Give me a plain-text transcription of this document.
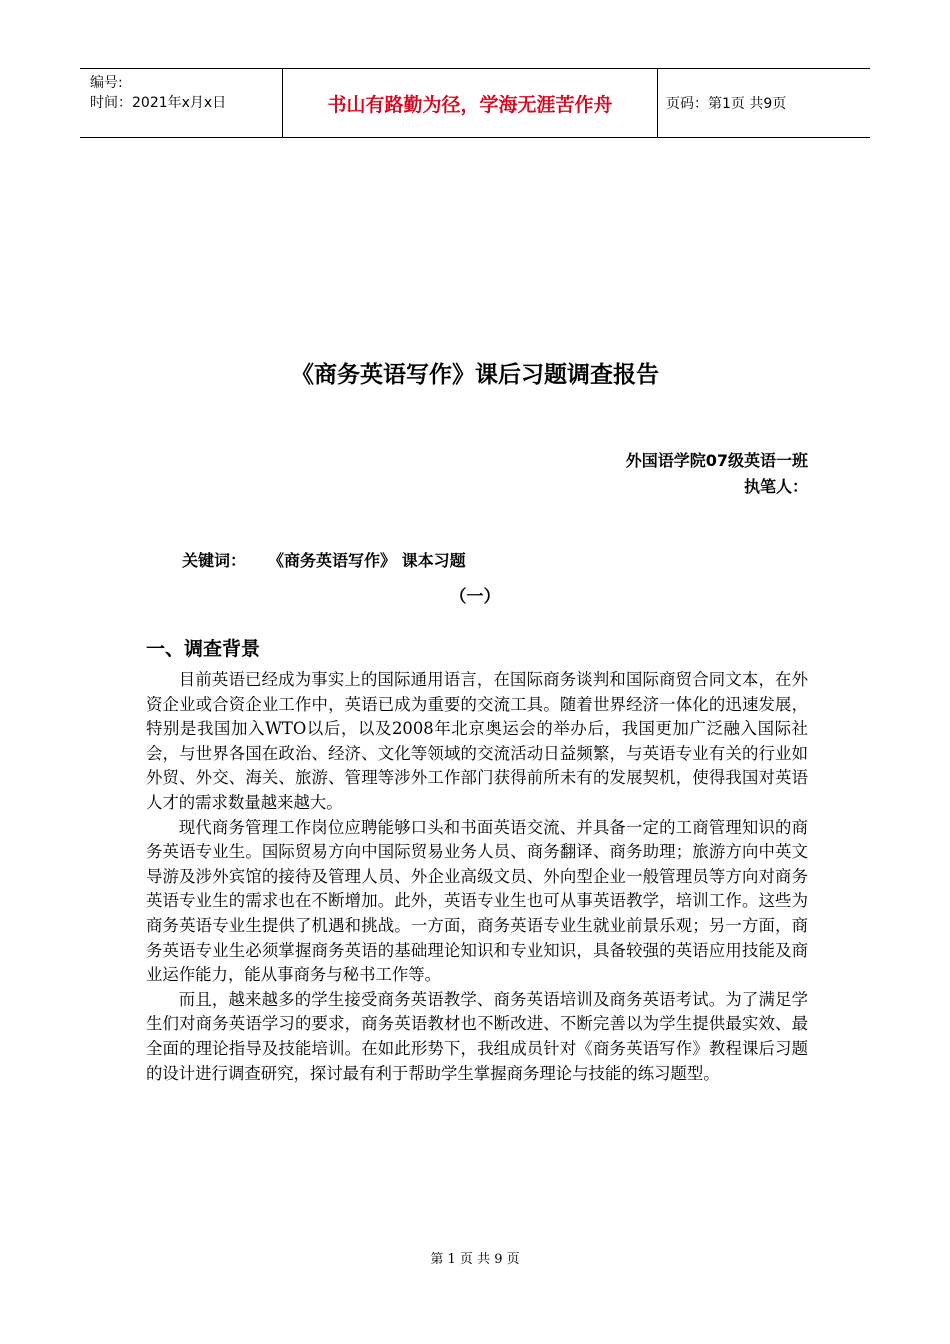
编号:
时间：2021年x月x日	书山有路勤为径，学海无涯苦作舟	页码：第1页 共9页
《商务英语写作》课后习题调查报告
外国语学院07级英语一班
执笔人：
关键词： 《商务英语写作》 课本习题
（一）
一、调查背景

目前英语已经成为事实上的国际通用语言，在国际商务谈判和国际商贸合同文本，在外资企业或合资企业工作中，英语已成为重要的交流工具。随着世界经济一体化的迅速发展，特别是我国加入WTO以后，以及2008年北京奥运会的举办后，我国更加广泛融入国际社会，与世界各国在政治、经济、文化等领域的交流活动日益频繁，与英语专业有关的行业如外贸、外交、海关、旅游、管理等涉外工作部门获得前所未有的发展契机，使得我国对英语人才的需求数量越来越大。

现代商务管理工作岗位应聘能够口头和书面英语交流、并具备一定的工商管理知识的商务英语专业生。国际贸易方向中国际贸易业务人员、商务翻译、商务助理；旅游方向中英文导游及涉外宾馆的接待及管理人员、外企业高级文员、外向型企业一般管理员等方向对商务英语专业生的需求也在不断增加。此外，英语专业生也可从事英语教学，培训工作。这些为商务英语专业生提供了机遇和挑战。一方面，商务英语专业生就业前景乐观；另一方面，商务英语专业生必须掌握商务英语的基础理论知识和专业知识，具备较强的英语应用技能及商业运作能力，能从事商务与秘书工作等。

而且，越来越多的学生接受商务英语教学、商务英语培训及商务英语考试。为了满足学生们对商务英语学习的要求，商务英语教材也不断改进、不断完善以为学生提供最实效、最全面的理论指导及技能培训。在如此形势下，我组成员针对《商务英语写作》教程课后习题的设计进行调查研究，探讨最有利于帮助学生掌握商务理论与技能的练习题型。

第 1 页 共 9 页
